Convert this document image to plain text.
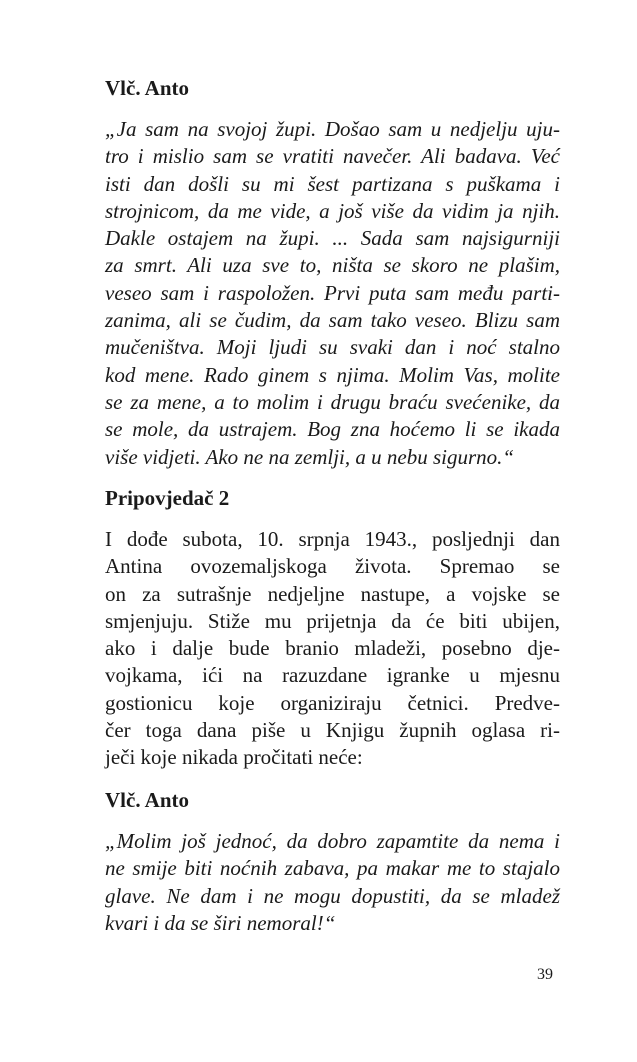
Vlč. Anto

„Ja sam na svojoj župi. Došao sam u nedjelju uju-
tro i mislio sam se vratiti navečer. Ali badava. Već
isti dan došli su mi šest partizana s puškama i
strojnicom, da me vide, a još više da vidim ja njih.
Dakle ostajem na župi. ... Sada sam najsigurniji
za smrt. Ali uza sve to, ništa se skoro ne plašim,
veseo sam i raspoložen. Prvi puta sam među parti-
zanima, ali se čudim, da sam tako veseo. Blizu sam
mučeništva. Moji ljudi su svaki dan i noć stalno
kod mene. Rado ginem s njima. Molim Vas, molite
se za mene, a to molim i drugu braću svećenike, da
se mole, da ustrajem. Bog zna hoćemo li se ikada
više vidjeti. Ako ne na zemlji, a u nebu sigurno.“

Pripovjedač 2

I dođe subota, 10. srpnja 1943., posljednji dan
Antina ovozemaljskoga života. Spremao se
on za sutrašnje nedjeljne nastupe, a vojske se
smjenjuju. Stiže mu prijetnja da će biti ubijen,
ako i dalje bude branio mladeži, posebno dje-
vojkama, ići na razuzdane igranke u mjesnu
gostionicu koje organiziraju četnici. Predve-
čer toga dana piše u Knjigu župnih oglasa ri-
ječi koje nikada pročitati neće:

Vlč. Anto

„Molim još jednoć, da dobro zapamtite da nema i
ne smije biti noćnih zabava, pa makar me to stajalo
glave. Ne dam i ne mogu dopustiti, da se mladež
kvari i da se širi nemoral!“
39
